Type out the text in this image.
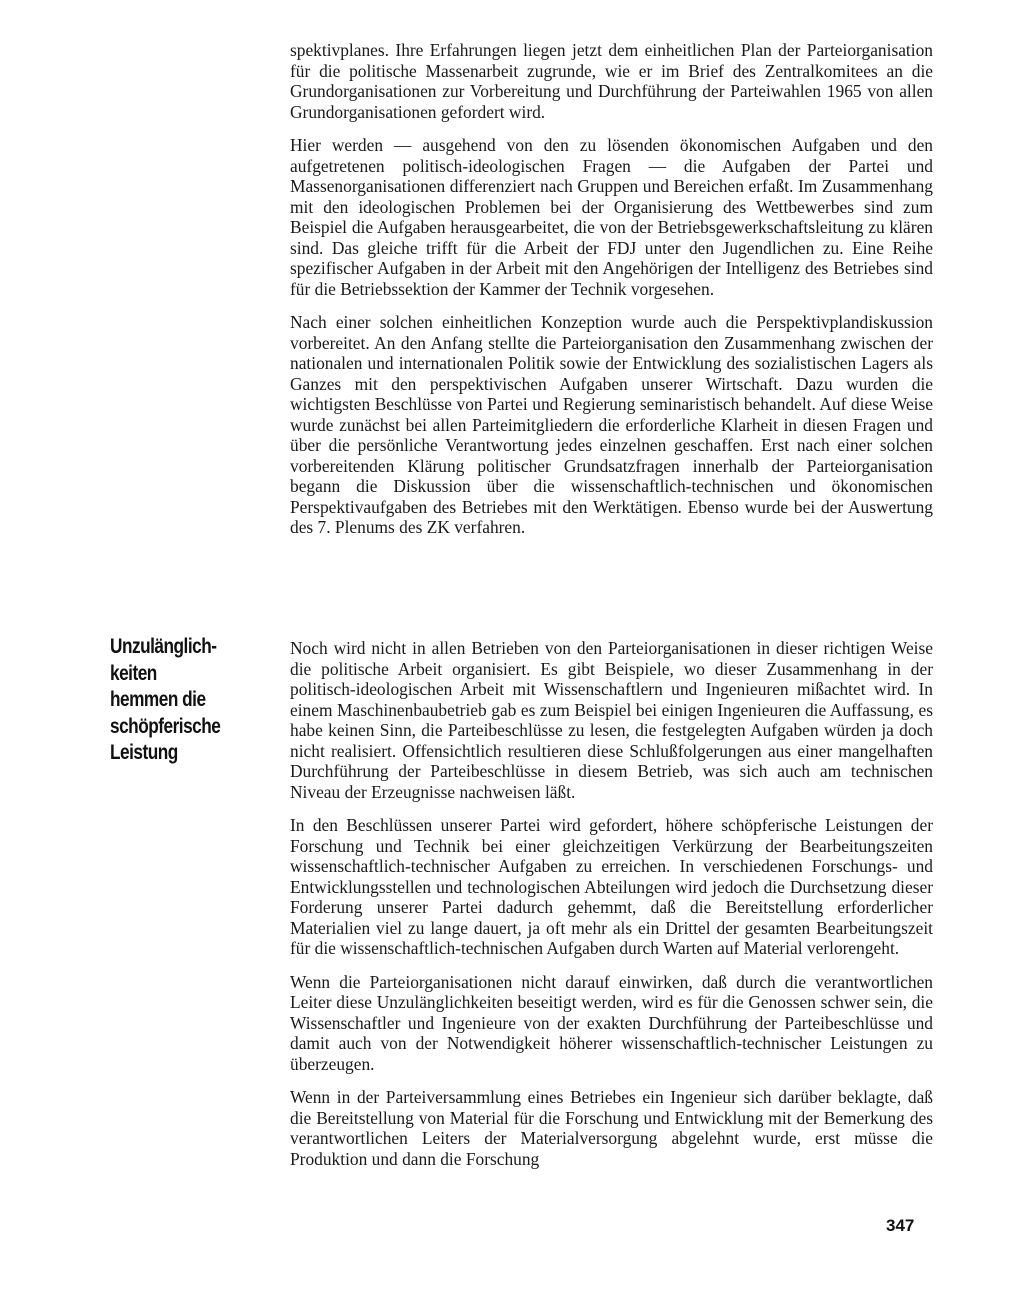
spektivplanes. Ihre Erfahrungen liegen jetzt dem einheitlichen Plan der Parteiorganisation für die politische Massenarbeit zugrunde, wie er im Brief des Zentralkomitees an die Grundorganisationen zur Vorbereitung und Durchführung der Parteiwahlen 1965 von allen Grundorganisationen gefordert wird.

Hier werden — ausgehend von den zu lösenden ökonomischen Aufgaben und den aufgetretenen politisch-ideologischen Fragen — die Aufgaben der Partei und Massenorganisationen differenziert nach Gruppen und Bereichen erfaßt. Im Zusammenhang mit den ideologischen Problemen bei der Organisierung des Wettbewerbes sind zum Beispiel die Aufgaben herausgearbeitet, die von der Betriebsgewerkschaftsleitung zu klären sind. Das gleiche trifft für die Arbeit der FDJ unter den Jugendlichen zu. Eine Reihe spezifischer Aufgaben in der Arbeit mit den Angehörigen der Intelligenz des Betriebes sind für die Betriebssektion der Kammer der Technik vorgesehen.

Nach einer solchen einheitlichen Konzeption wurde auch die Perspektivplandiskussion vorbereitet. An den Anfang stellte die Parteiorganisation den Zusammenhang zwischen der nationalen und internationalen Politik sowie der Entwicklung des sozialistischen Lagers als Ganzes mit den perspektivischen Aufgaben unserer Wirtschaft. Dazu wurden die wichtigsten Beschlüsse von Partei und Regierung seminaristisch behandelt. Auf diese Weise wurde zunächst bei allen Parteimitgliedern die erforderliche Klarheit in diesen Fragen und über die persönliche Verantwortung jedes einzelnen geschaffen. Erst nach einer solchen vorbereitenden Klärung politischer Grundsatzfragen innerhalb der Parteiorganisation begann die Diskussion über die wissenschaftlich-technischen und ökonomischen Perspektivaufgaben des Betriebes mit den Werktätigen. Ebenso wurde bei der Auswertung des 7. Plenums des ZK verfahren.

Unzulänglich-
keiten
hemmen die
schöpferische
Leistung

Noch wird nicht in allen Betrieben von den Parteiorganisationen in dieser richtigen Weise die politische Arbeit organisiert. Es gibt Beispiele, wo dieser Zusammenhang in der politisch-ideologischen Arbeit mit Wissenschaftlern und Ingenieuren mißachtet wird. In einem Maschinenbaubetrieb gab es zum Beispiel bei einigen Ingenieuren die Auffassung, es habe keinen Sinn, die Parteibeschlüsse zu lesen, die festgelegten Aufgaben würden ja doch nicht realisiert. Offensichtlich resultieren diese Schlußfolgerungen aus einer mangelhaften Durchführung der Parteibeschlüsse in diesem Betrieb, was sich auch am technischen Niveau der Erzeugnisse nachweisen läßt.

In den Beschlüssen unserer Partei wird gefordert, höhere schöpferische Leistungen der Forschung und Technik bei einer gleichzeitigen Verkürzung der Bearbeitungszeiten wissenschaftlich-technischer Aufgaben zu erreichen. In verschiedenen Forschungs- und Entwicklungsstellen und technologischen Abteilungen wird jedoch die Durchsetzung dieser Forderung unserer Partei dadurch gehemmt, daß die Bereitstellung erforderlicher Materialien viel zu lange dauert, ja oft mehr als ein Drittel der gesamten Bearbeitungszeit für die wissenschaftlich-technischen Aufgaben durch Warten auf Material verlorengeht.

Wenn die Parteiorganisationen nicht darauf einwirken, daß durch die verantwortlichen Leiter diese Unzulänglichkeiten beseitigt werden, wird es für die Genossen schwer sein, die Wissenschaftler und Ingenieure von der exakten Durchführung der Parteibeschlüsse und damit auch von der Notwendigkeit höherer wissenschaftlich-technischer Leistungen zu überzeugen.

Wenn in der Parteiversammlung eines Betriebes ein Ingenieur sich darüber beklagte, daß die Bereitstellung von Material für die Forschung und Entwicklung mit der Bemerkung des verantwortlichen Leiters der Materialversorgung abgelehnt wurde, erst müsse die Produktion und dann die Forschung

347
